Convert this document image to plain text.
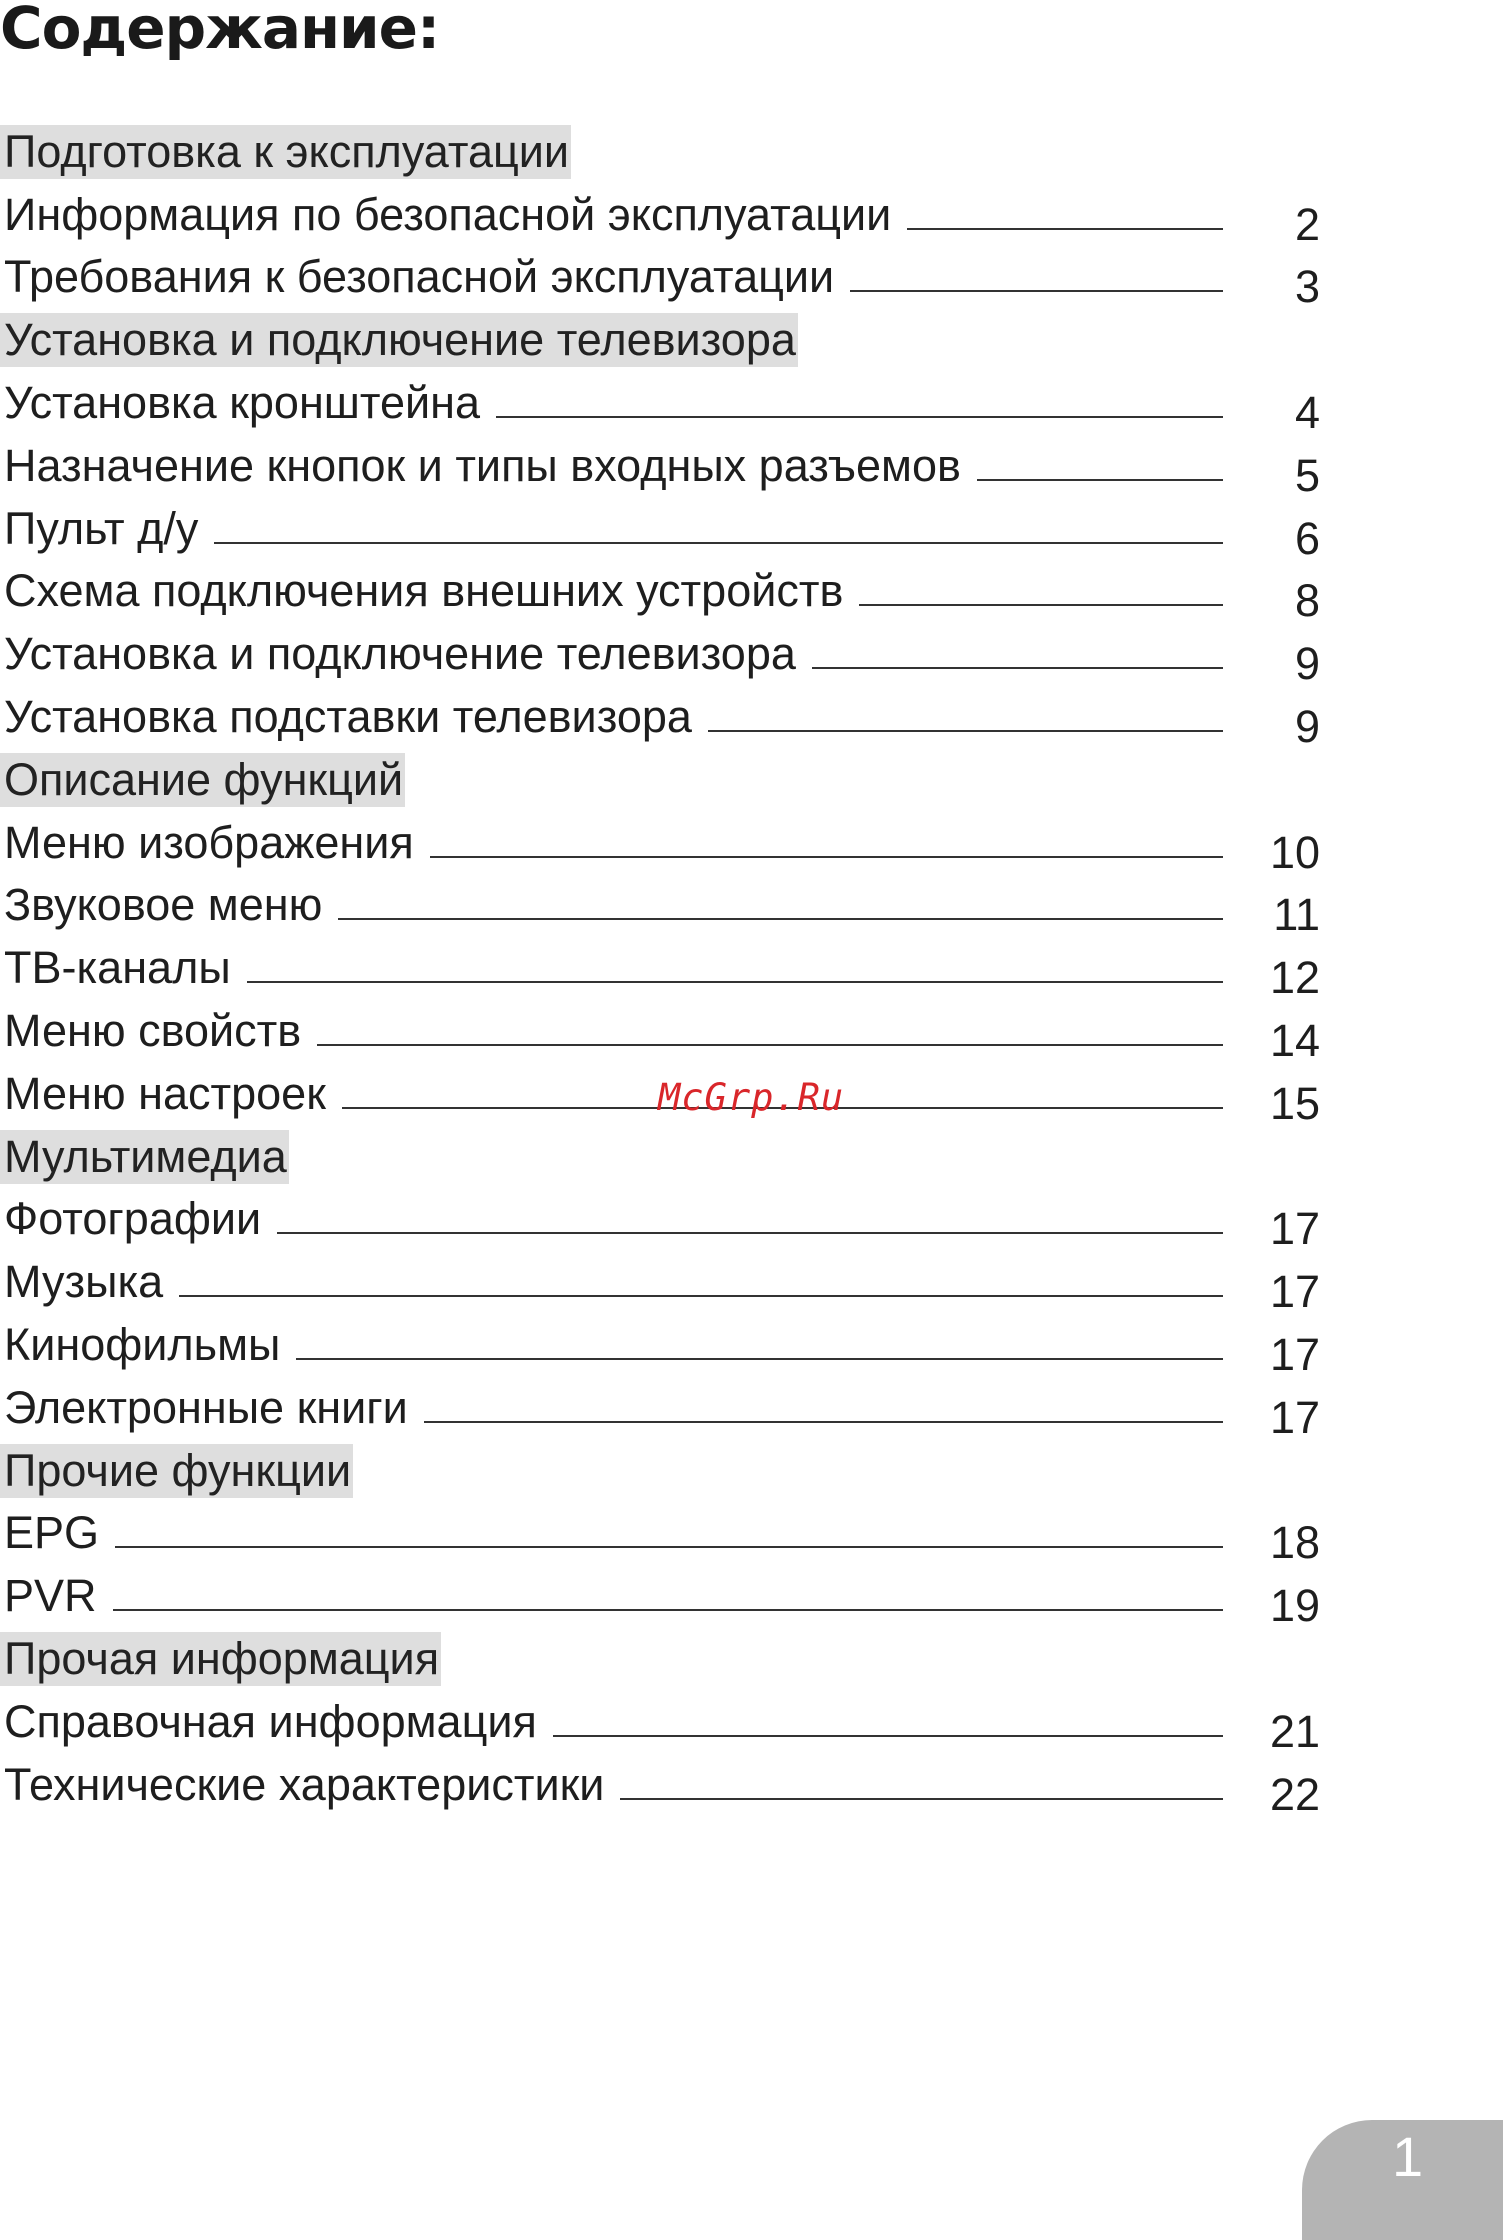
Содержание:
Подготовка к эксплуатации
Информация по безопасной эксплуатации	2
Требования к безопасной эксплуатации	3
Установка и подключение телевизора
Установка кронштейна	4
Назначение кнопок и типы входных разъемов	5
Пульт д/у	6
Схема подключения внешних устройств	8
Установка и подключение телевизора	9
Установка подставки телевизора	9
Описание функций
Меню изображения	10
Звуковое меню	11
ТВ-каналы	12
Меню свойств	14
Меню настроек	15
Мультимедиа
Фотографии	17
Музыка	17
Кинофильмы	17
Электронные книги	17
Прочие функции
EPG	18
PVR	19
Прочая информация
Справочная информация	21
Технические характеристики	22
McGrp.Ru
1
